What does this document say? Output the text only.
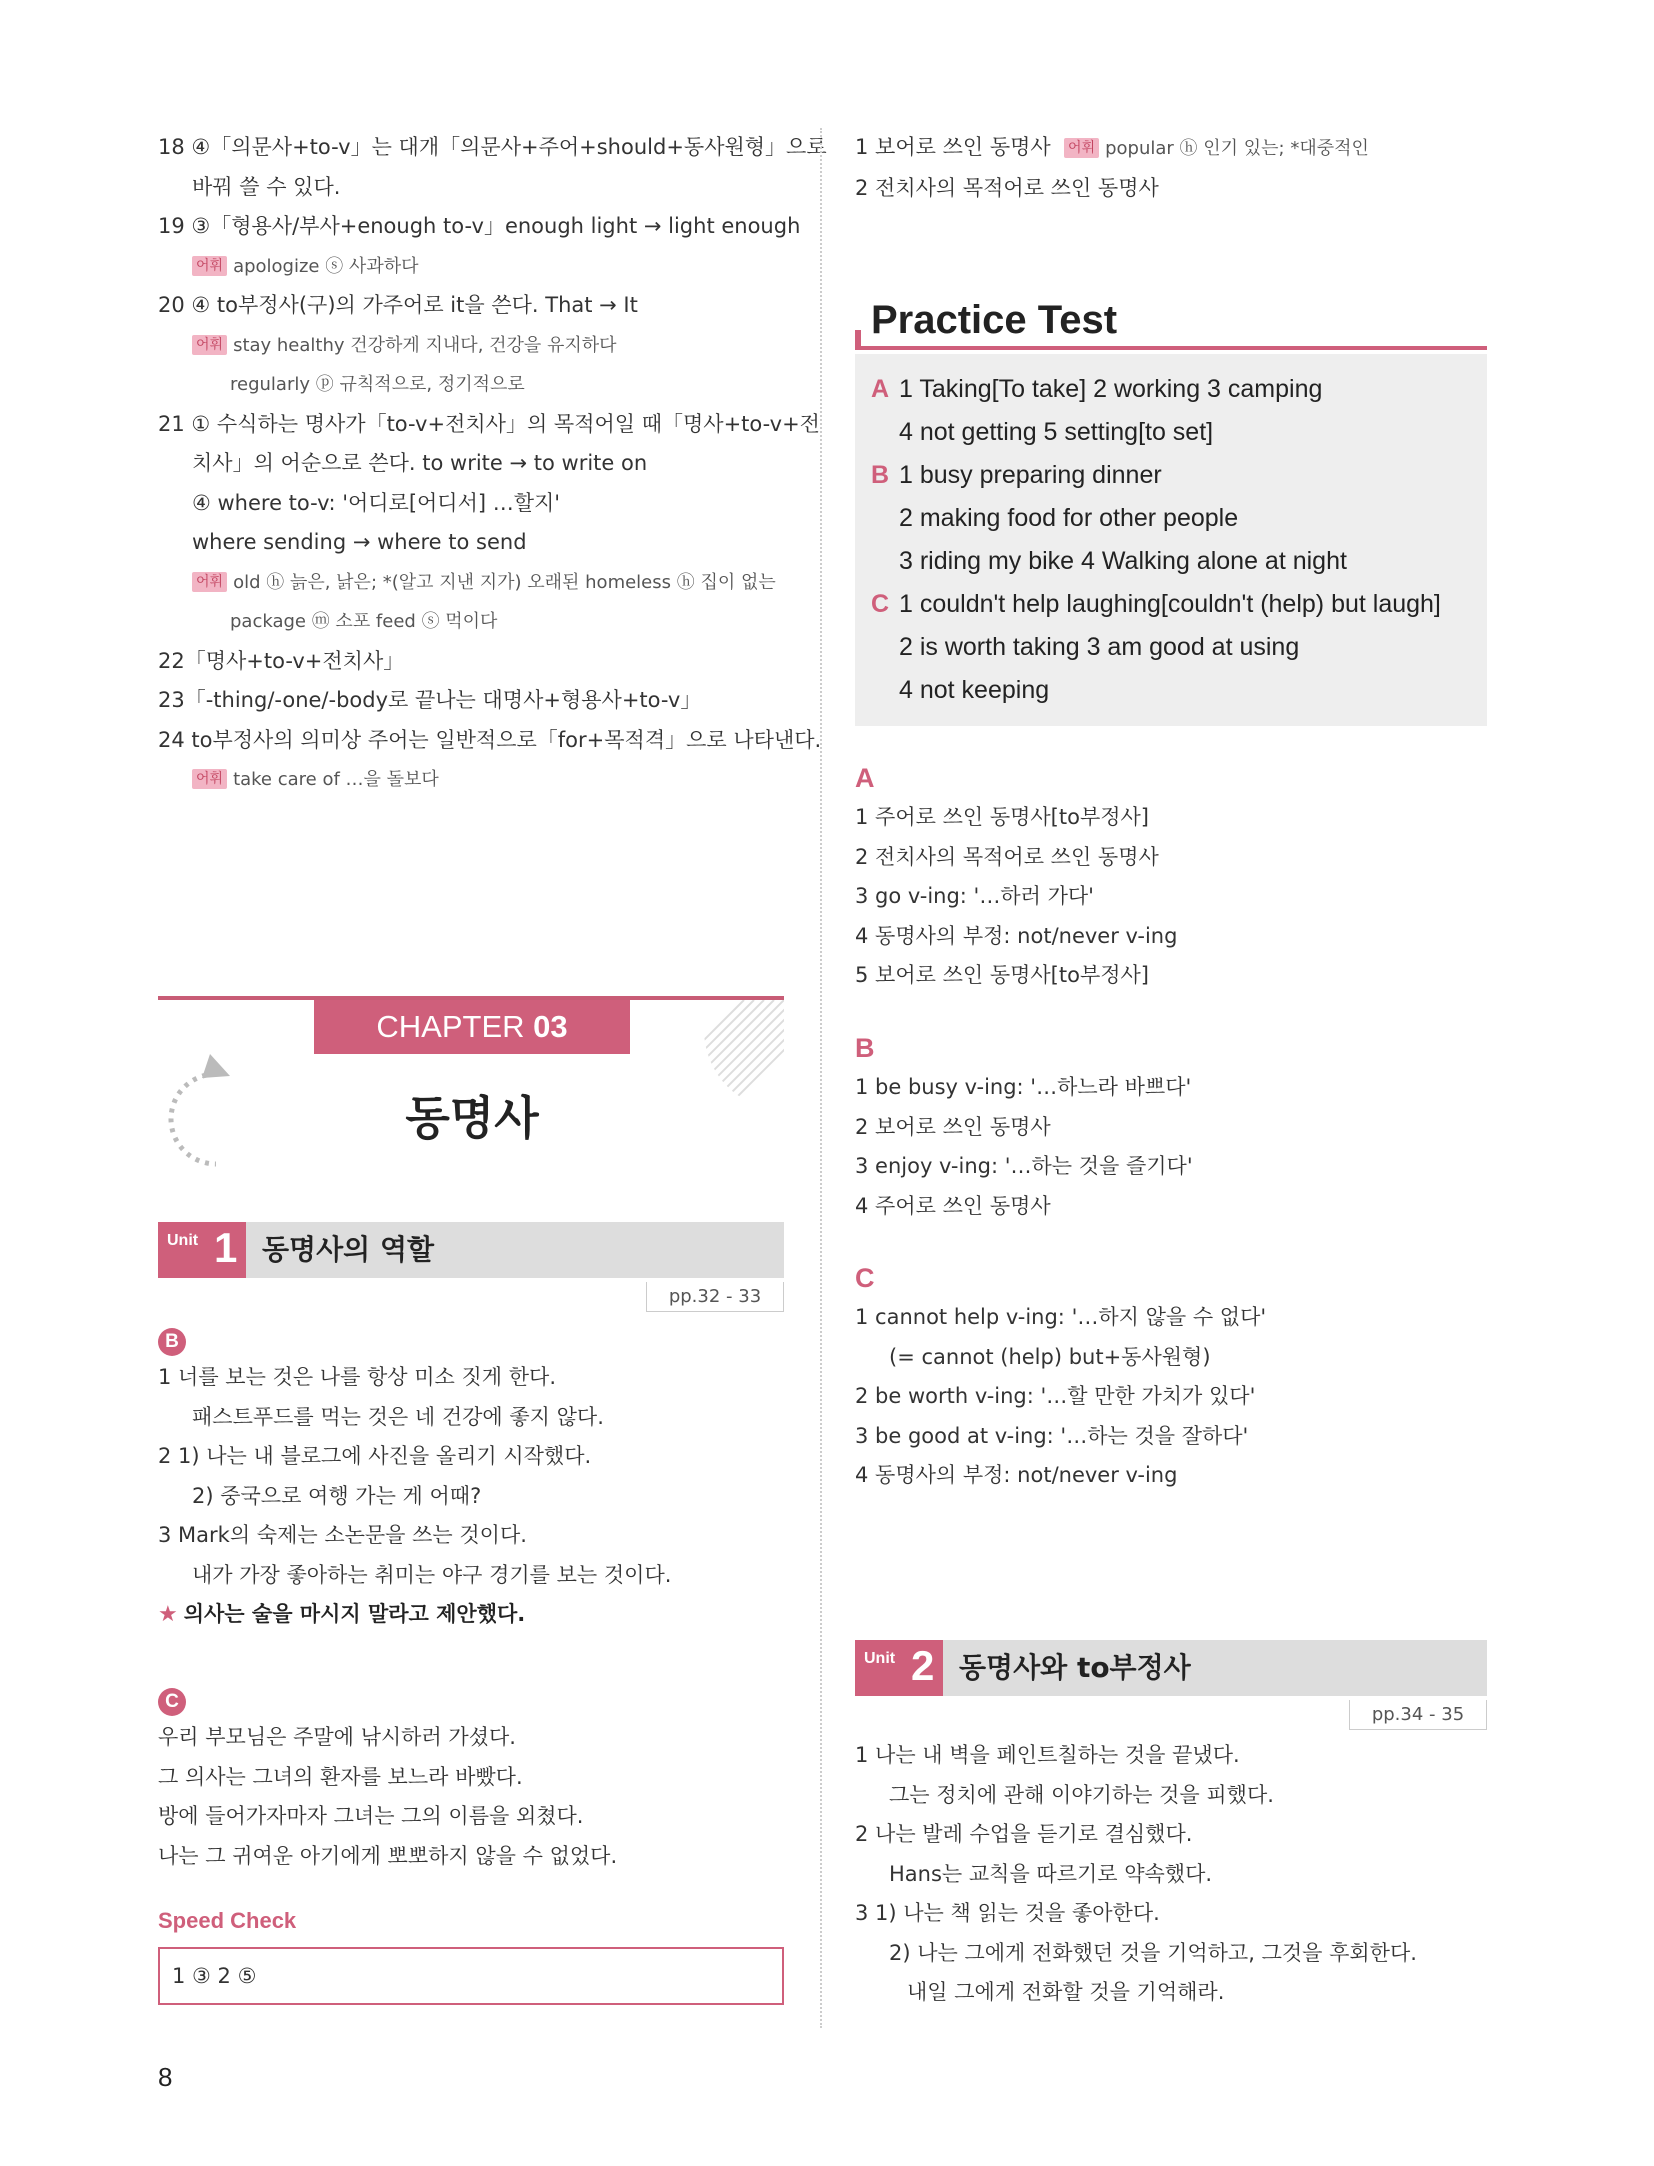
18 ④「의문사+to-v」는 대개「의문사+주어+should+동사원형」으로
바꿔 쓸 수 있다.
19 ③「형용사/부사+enough to-v」enough light → light enough
어휘 apologize ⓢ 사과하다
20 ④ to부정사(구)의 가주어로 it을 쓴다. That → It
어휘 stay healthy 건강하게 지내다, 건강을 유지하다
regularly ⓟ 규칙적으로, 정기적으로
21 ① 수식하는 명사가「to-v+전치사」의 목적어일 때「명사+to-v+전
치사」의 어순으로 쓴다. to write → to write on
④ where to-v: '어디로[어디서] …할지'
where sending → where to send
어휘 old ⓗ 늙은, 낡은; *(알고 지낸 지가) 오래된 homeless ⓗ 집이 없는
package ⓜ 소포 feed ⓢ 먹이다
22「명사+to-v+전치사」
23「-thing/-one/-body로 끝나는 대명사+형용사+to-v」
24 to부정사의 의미상 주어는 일반적으로「for+목적격」으로 나타낸다.
어휘 take care of …을 돌보다
CHAPTER 03
동명사
Unit 1 동명사의 역할
pp.32 - 33
B
1 너를 보는 것은 나를 항상 미소 짓게 한다.
패스트푸드를 먹는 것은 네 건강에 좋지 않다.
2 1) 나는 내 블로그에 사진을 올리기 시작했다.
2) 중국으로 여행 가는 게 어때?
3 Mark의 숙제는 소논문을 쓰는 것이다.
내가 가장 좋아하는 취미는 야구 경기를 보는 것이다.
★ 의사는 술을 마시지 말라고 제안했다.
C
우리 부모님은 주말에 낚시하러 가셨다.
그 의사는 그녀의 환자를 보느라 바빴다.
방에 들어가자마자 그녀는 그의 이름을 외쳤다.
나는 그 귀여운 아기에게 뽀뽀하지 않을 수 없었다.
Speed Check
1 ③ 2 ⑤
1 보어로 쓰인 동명사 어휘 popular ⓗ 인기 있는; *대중적인
2 전치사의 목적어로 쓰인 동명사
Practice Test
A 1 Taking[To take] 2 working 3 camping
4 not getting 5 setting[to set]
B 1 busy preparing dinner
2 making food for other people
3 riding my bike 4 Walking alone at night
C 1 couldn't help laughing[couldn't (help) but laugh]
2 is worth taking 3 am good at using
4 not keeping
A
1 주어로 쓰인 동명사[to부정사]
2 전치사의 목적어로 쓰인 동명사
3 go v-ing: '…하러 가다'
4 동명사의 부정: not/never v-ing
5 보어로 쓰인 동명사[to부정사]
B
1 be busy v-ing: '…하느라 바쁘다'
2 보어로 쓰인 동명사
3 enjoy v-ing: '…하는 것을 즐기다'
4 주어로 쓰인 동명사
C
1 cannot help v-ing: '…하지 않을 수 없다'
(= cannot (help) but+동사원형)
2 be worth v-ing: '…할 만한 가치가 있다'
3 be good at v-ing: '…하는 것을 잘하다'
4 동명사의 부정: not/never v-ing
Unit 2 동명사와 to부정사
pp.34 - 35
1 나는 내 벽을 페인트칠하는 것을 끝냈다.
그는 정치에 관해 이야기하는 것을 피했다.
2 나는 발레 수업을 듣기로 결심했다.
Hans는 교칙을 따르기로 약속했다.
3 1) 나는 책 읽는 것을 좋아한다.
2) 나는 그에게 전화했던 것을 기억하고, 그것을 후회한다.
내일 그에게 전화할 것을 기억해라.
8
